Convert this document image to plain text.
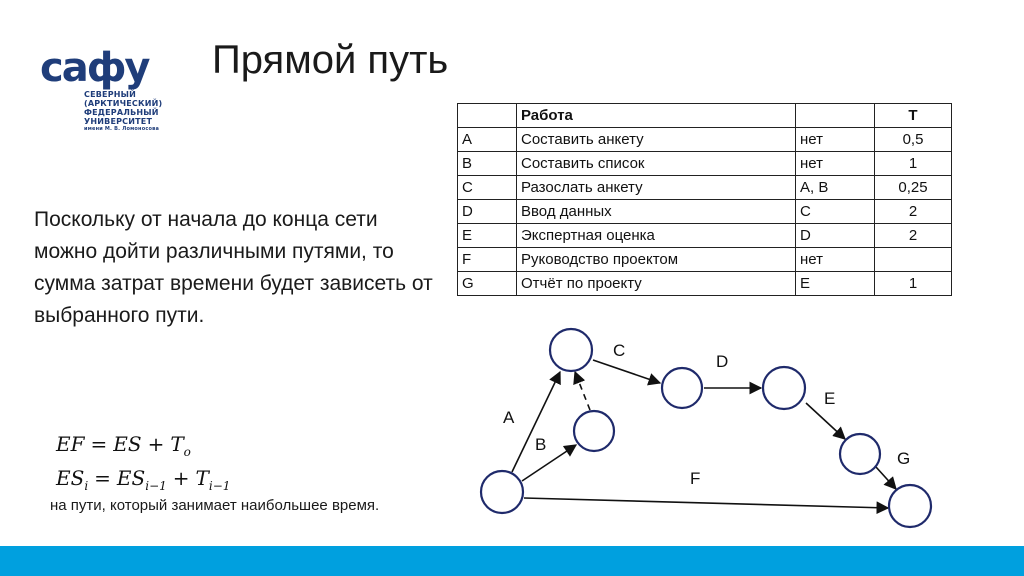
сафу
СЕВЕРНЫЙ
(АРКТИЧЕСКИЙ)
ФЕДЕРАЛЬНЫЙ
УНИВЕРСИТЕТ
имени М. В. Ломоносова
Прямой путь
Поскольку от начала до конца сети можно дойти различными путями, то сумма затрат времени будет зависеть от выбранного пути.
	Работа		T
A	Составить анкету	нет	0,5
B	Составить список	нет	1
C	Разослать анкету	A, B	0,25
D	Ввод данных	C	2
E	Экспертная оценка	D	2
F	Руководство проектом	нет	
G	Отчёт по проекту	E	1
EF = ES + $T_o$
$ES_i = ES_{i-1} + T_{i-1}$
на пути, который занимает наибольшее время.
A
B
C
D
E
F
G
